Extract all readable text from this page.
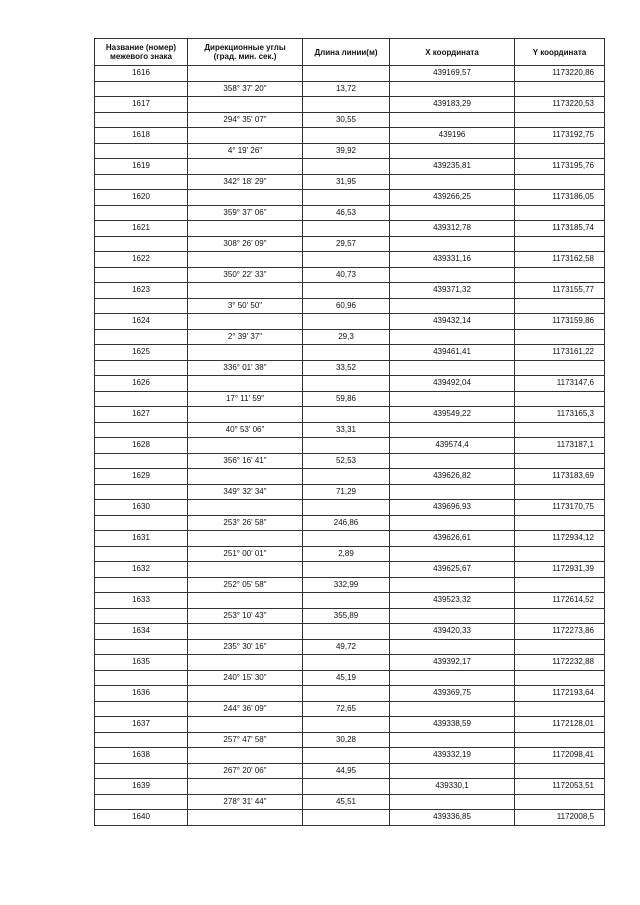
Название (номер)
межевого знака	Дирекционные углы
(град. мин. сек.)	Длина линии(м)	X координата	Y координата
1616			439169,57	1173220,86
	358° 37' 20"	13,72		
1617			439183,29	1173220,53
	294° 35' 07"	30,55		
1618			439196	1173192,75
	4° 19' 26"	39,92		
1619			439235,81	1173195,76
	342° 18' 29"	31,95		
1620			439266,25	1173186,05
	359° 37' 06"	46,53		
1621			439312,78	1173185,74
	308° 26' 09"	29,57		
1622			439331,16	1173162,58
	350° 22' 33"	40,73		
1623			439371,32	1173155,77
	3° 50' 50"	60,96		
1624			439432,14	1173159,86
	2° 39' 37"	29,3		
1625			439461,41	1173161,22
	336° 01' 38"	33,52		
1626			439492,04	1173147,6
	17° 11' 59"	59,86		
1627			439549,22	1173165,3
	40° 53' 06"	33,31		
1628			439574,4	1173187,1
	356° 16' 41"	52,53		
1629			439626,82	1173183,69
	349° 32' 34"	71,29		
1630			439696,93	1173170,75
	253° 26' 58"	246,86		
1631			439626,61	1172934,12
	251° 00' 01"	2,89		
1632			439625,67	1172931,39
	252° 05' 58"	332,99		
1633			439523,32	1172614,52
	253° 10' 43"	355,89		
1634			439420,33	1172273,86
	235° 30' 16"	49,72		
1635			439392,17	1172232,88
	240° 15' 30"	45,19		
1636			439369,75	1172193,64
	244° 36' 09"	72,65		
1637			439338,59	1172128,01
	257° 47' 58"	30,28		
1638			439332,19	1172098,41
	267° 20' 06"	44,95		
1639			439330,1	1172053,51
	278° 31' 44"	45,51		
1640			439336,85	1172008,5
